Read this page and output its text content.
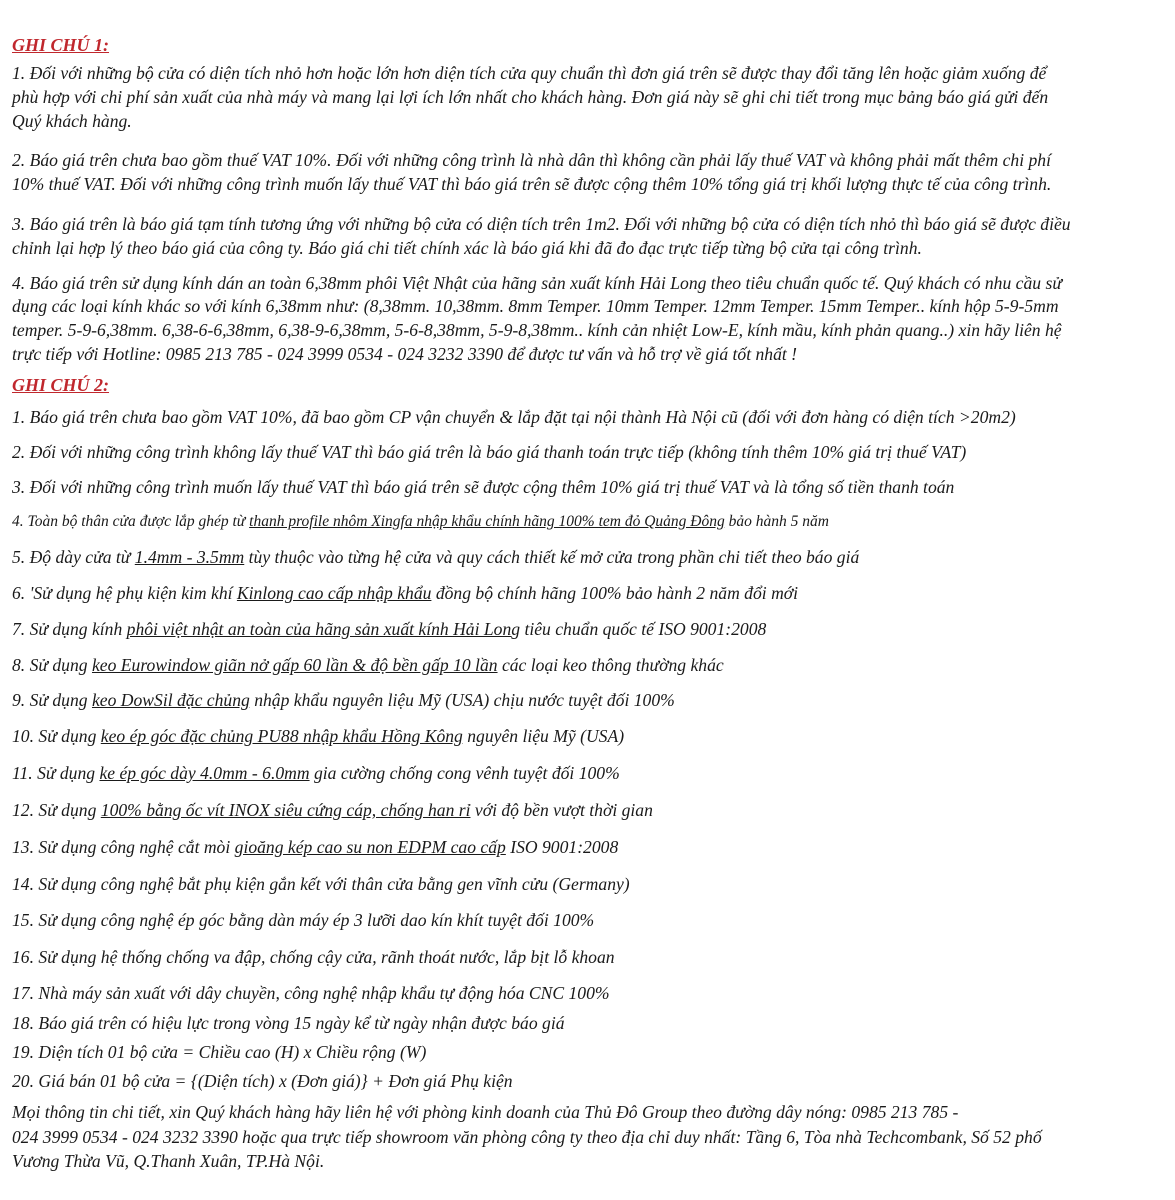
GHI CHÚ 1:
1. Đối với những bộ cửa có diện tích nhỏ hơn hoặc lớn hơn diện tích cửa quy chuẩn thì đơn giá trên sẽ được thay đổi tăng lên hoặc giảm xuống để
phù hợp với chi phí sản xuất của nhà máy và mang lại lợi ích lớn nhất cho khách hàng. Đơn giá này sẽ ghi chi tiết trong mục bảng báo giá gửi đến
Quý khách hàng.
2. Báo giá trên chưa bao gồm thuế VAT 10%. Đối với những công trình là nhà dân thì không cần phải lấy thuế VAT và không phải mất thêm chi phí
10% thuế VAT. Đối với những công trình muốn lấy thuế VAT thì báo giá trên sẽ được cộng thêm 10% tổng giá trị khối lượng thực tế của công trình.
3. Báo giá trên là báo giá tạm tính tương ứng với những bộ cửa có diện tích trên 1m2. Đối với những bộ cửa có diện tích nhỏ thì báo giá sẽ được điều
chỉnh lại hợp lý theo báo giá của công ty. Báo giá chi tiết chính xác là báo giá khi đã đo đạc trực tiếp từng bộ cửa tại công trình.
4. Báo giá trên sử dụng kính dán an toàn 6,38mm phôi Việt Nhật của hãng sản xuất kính Hải Long theo tiêu chuẩn quốc tế. Quý khách có nhu cầu sử
dụng các loại kính khác so với kính 6,38mm như: (8,38mm. 10,38mm. 8mm Temper. 10mm Temper. 12mm Temper. 15mm Temper.. kính hộp 5-9-5mm
temper. 5-9-6,38mm. 6,38-6-6,38mm, 6,38-9-6,38mm, 5-6-8,38mm, 5-9-8,38mm.. kính cản nhiệt Low-E, kính mầu, kính phản quang..) xin hãy liên hệ
trực tiếp với Hotline: 0985 213 785 - 024 3999 0534 - 024 3232 3390 để được tư vấn và hỗ trợ về giá tốt nhất !
GHI CHÚ 2:
1. Báo giá trên chưa bao gồm VAT 10%, đã bao gồm CP vận chuyển & lắp đặt tại nội thành Hà Nội cũ (đối với đơn hàng có diện tích >20m2)
2. Đối với những công trình không lấy thuế VAT thì báo giá trên là báo giá thanh toán trực tiếp (không tính thêm 10% giá trị thuế VAT)
3. Đối với những công trình muốn lấy thuế VAT thì báo giá trên sẽ được cộng thêm 10% giá trị thuế VAT và là tổng số tiền thanh toán
4. Toàn bộ thân cửa được lắp ghép từ thanh profile nhôm Xingfa nhập khẩu chính hãng 100% tem đỏ Quảng Đông bảo hành 5 năm
5. Độ dày cửa từ 1.4mm - 3.5mm tùy thuộc vào từng hệ cửa và quy cách thiết kế mở cửa trong phần chi tiết theo báo giá
6. 'Sử dụng hệ phụ kiện kim khí Kinlong cao cấp nhập khẩu đồng bộ chính hãng 100% bảo hành 2 năm đổi mới
7. Sử dụng kính phôi việt nhật an toàn của hãng sản xuất kính Hải Long tiêu chuẩn quốc tế ISO 9001:2008
8. Sử dụng keo Eurowindow giãn nở gấp 60 lần & độ bền gấp 10 lần các loại keo thông thường khác
9. Sử dụng keo DowSil đặc chủng nhập khẩu nguyên liệu Mỹ (USA) chịu nước tuyệt đối 100%
10. Sử dụng keo ép góc đặc chủng PU88 nhập khẩu Hồng Kông nguyên liệu Mỹ (USA)
11. Sử dụng ke ép góc dày 4.0mm - 6.0mm gia cường chống cong vênh tuyệt đối 100%
12. Sử dụng 100% bằng ốc vít INOX siêu cứng cáp, chống han rỉ với độ bền vượt thời gian
13. Sử dụng công nghệ cắt mòi gioăng kép cao su non EDPM cao cấp ISO 9001:2008
14. Sử dụng công nghệ bắt phụ kiện gắn kết với thân cửa bằng gen vĩnh cửu (Germany)
15. Sử dụng công nghệ ép góc bằng dàn máy ép 3 lưỡi dao kín khít tuyệt đối 100%
16. Sử dụng hệ thống chống va đập, chống cậy cửa, rãnh thoát nước, lắp bịt lỗ khoan
17. Nhà máy sản xuất với dây chuyền, công nghệ nhập khẩu tự động hóa CNC 100%
18. Báo giá trên có hiệu lực trong vòng 15 ngày kể từ ngày nhận được báo giá
19. Diện tích 01 bộ cửa = Chiều cao (H) x Chiều rộng (W)
20. Giá bán 01 bộ cửa = {(Diện tích) x (Đơn giá)} + Đơn giá Phụ kiện
Mọi thông tin chi tiết, xin Quý khách hàng hãy liên hệ với phòng kinh doanh của Thủ Đô Group theo đường dây nóng: 0985 213 785 -
024 3999 0534 - 024 3232 3390 hoặc qua trực tiếp showroom văn phòng công ty theo địa chỉ duy nhất: Tầng 6, Tòa nhà Techcombank, Số 52 phố
Vương Thừa Vũ, Q.Thanh Xuân, TP.Hà Nội.
